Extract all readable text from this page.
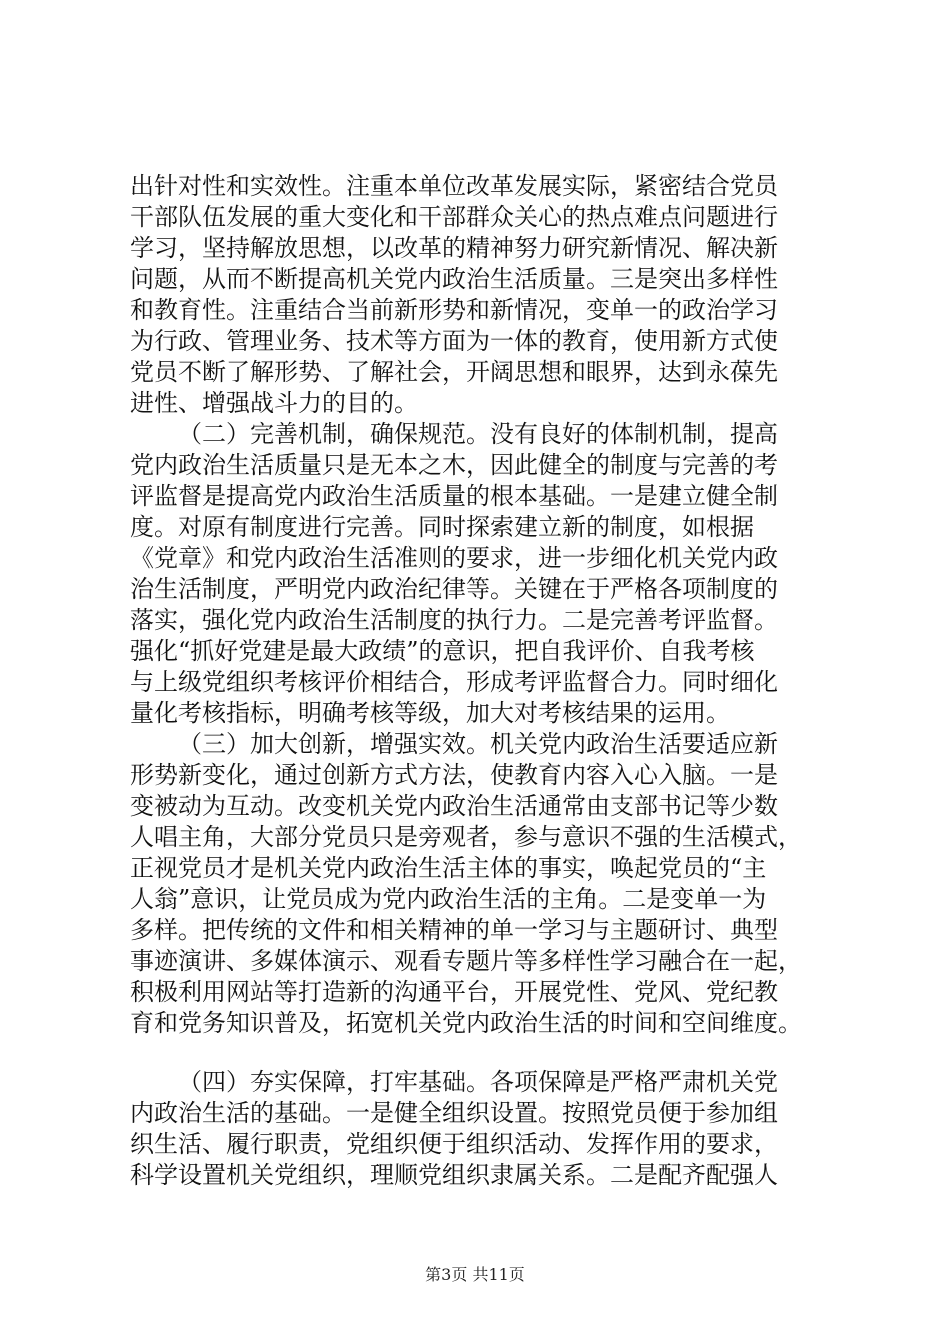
出针对性和实效性。注重本单位改革发展实际，紧密结合党员

干部队伍发展的重大变化和干部群众关心的热点难点问题进行

学习，坚持解放思想，以改革的精神努力研究新情况、解决新

问题，从而不断提高机关党内政治生活质量。三是突出多样性

和教育性。注重结合当前新形势和新情况，变单一的政治学习

为行政、管理业务、技术等方面为一体的教育，使用新方式使

党员不断了解形势、了解社会，开阔思想和眼界，达到永葆先

进性、增强战斗力的目的。

（二）完善机制，确保规范。没有良好的体制机制，提高

党内政治生活质量只是无本之木，因此健全的制度与完善的考

评监督是提高党内政治生活质量的根本基础。一是建立健全制

度。对原有制度进行完善。同时探索建立新的制度，如根据

《党章》和党内政治生活准则的要求，进一步细化机关党内政

治生活制度，严明党内政治纪律等。关键在于严格各项制度的

落实，强化党内政治生活制度的执行力。二是完善考评监督。

强化“抓好党建是最大政绩”的意识，把自我评价、自我考核

与上级党组织考核评价相结合，形成考评监督合力。同时细化

量化考核指标，明确考核等级，加大对考核结果的运用。

（三）加大创新，增强实效。机关党内政治生活要适应新

形势新变化，通过创新方式方法，使教育内容入心入脑。一是

变被动为互动。改变机关党内政治生活通常由支部书记等少数

人唱主角，大部分党员只是旁观者，参与意识不强的生活模式，

正视党员才是机关党内政治生活主体的事实，唤起党员的“主

人翁”意识，让党员成为党内政治生活的主角。二是变单一为

多样。把传统的文件和相关精神的单一学习与主题研讨、典型

事迹演讲、多媒体演示、观看专题片等多样性学习融合在一起，

积极利用网站等打造新的沟通平台，开展党性、党风、党纪教

育和党务知识普及，拓宽机关党内政治生活的时间和空间维度。

（四）夯实保障，打牢基础。各项保障是严格严肃机关党

内政治生活的基础。一是健全组织设置。按照党员便于参加组

织生活、履行职责，党组织便于组织活动、发挥作用的要求，

科学设置机关党组织，理顺党组织隶属关系。二是配齐配强人

第3页 共11页
